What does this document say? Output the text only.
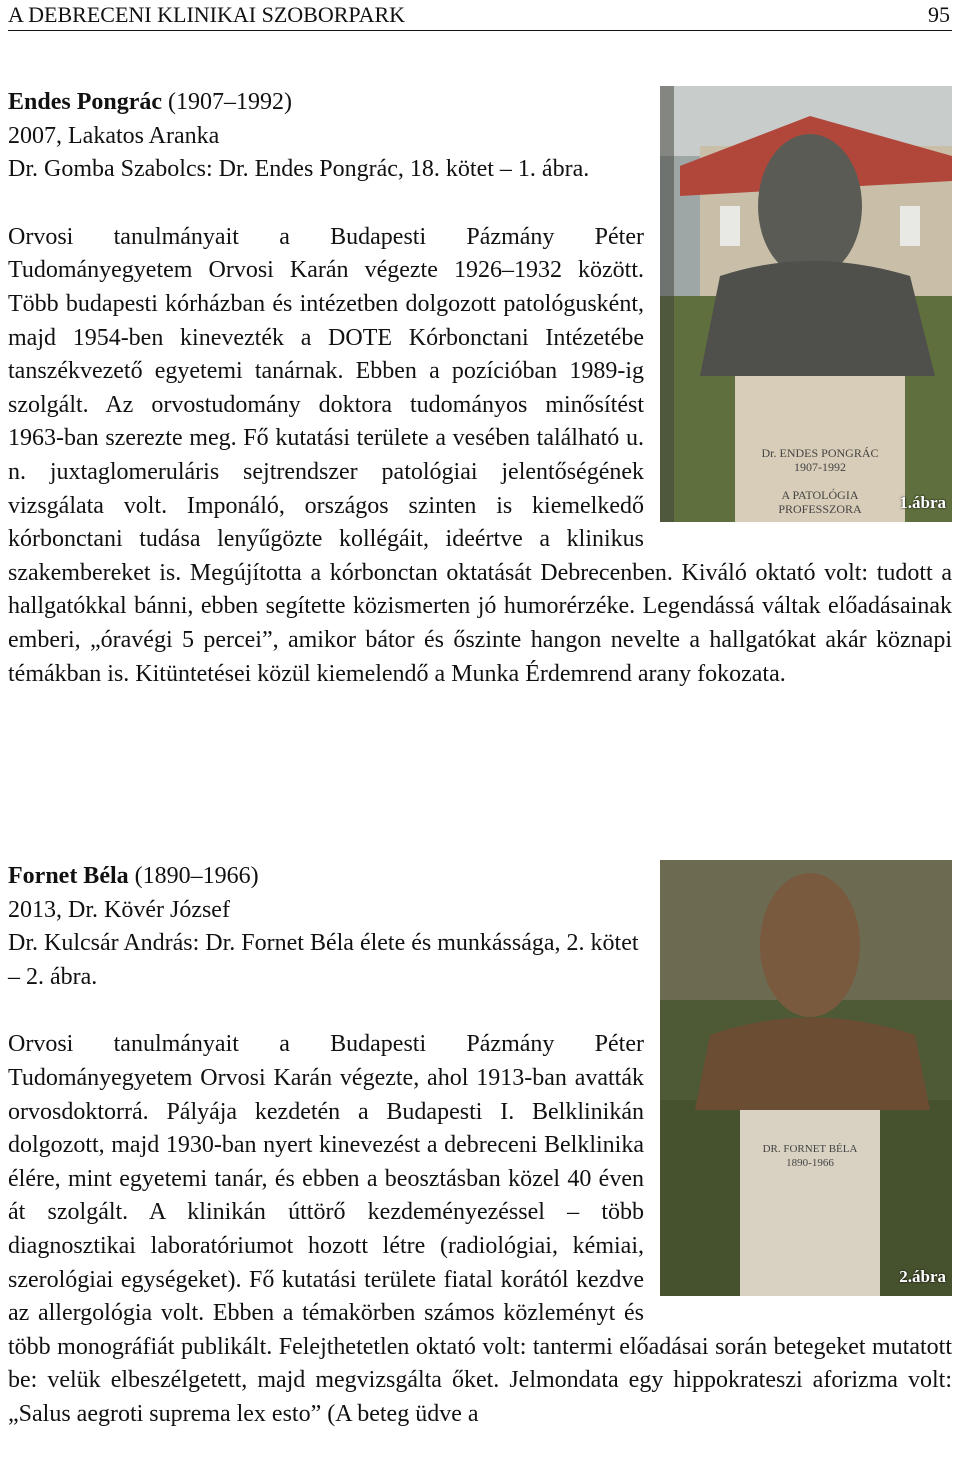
A DEBRECENI KLINIKAI SZOBORPARK	95
Dr. ENDES PONGRÁC
1907-1992
A PATOLÓGIA PROFESSZORA	1.ábra

Endes Pongrác (1907–1992)

2007, Lakatos Aranka

Dr. Gomba Szabolcs: Dr. Endes Pongrác, 18. kötet – 1. ábra.

Orvosi tanulmányait a Budapesti Pázmány Péter Tudományegyetem Orvosi Karán végezte 1926–1932 között. Több budapesti kórházban és intézetben dolgozott patológusként, majd 1954-ben kinevezték a DOTE Kórbonctani Intézetébe tanszékvezető egyetemi tanárnak. Ebben a pozícióban 1989-ig szolgált. Az orvostudomány doktora tudományos minősítést 1963-ban szerezte meg. Fő kutatási területe a vesében található u. n. juxtaglomeruláris sejtrendszer patológiai jelentőségének vizsgálata volt. Imponáló, országos szinten is kiemelkedő kórbonctani tudása lenyűgözte kollégáit, ideértve a klinikus szakembereket is. Megújította a kórbonctan oktatását Debrecenben. Kiváló oktató volt: tudott a hallgatókkal bánni, ebben segítette közismerten jó humorérzéke. Legendássá váltak előadásainak emberi, „óravégi 5 percei”, amikor bátor és őszinte hangon nevelte a hallgatókat akár köznapi témákban is. Kitüntetései közül kiemelendő a Munka Érdemrend arany fokozata.

DR. FORNET BÉLA
1890-1966
2.ábra

Fornet Béla (1890–1966)

2013, Dr. Kövér József

Dr. Kulcsár András: Dr. Fornet Béla élete és munkássága, 2. kötet – 2. ábra.

Orvosi tanulmányait a Budapesti Pázmány Péter Tudományegyetem Orvosi Karán végezte, ahol 1913-ban avatták orvosdoktorrá. Pályája kezdetén a Budapesti I. Belklinikán dolgozott, majd 1930-ban nyert kinevezést a debreceni Belklinika élére, mint egyetemi tanár, és ebben a beosztásban közel 40 éven át szolgált. A klinikán úttörő kezdeményezéssel – több diagnosztikai laboratóriumot hozott létre (radiológiai, kémiai, szerológiai egységeket). Fő kutatási területe fiatal korától kezdve az allergológia volt. Ebben a témakörben számos közleményt és több monográfiát publikált. Felejthetetlen oktató volt: tantermi előadásai során betegeket mutatott be: velük elbeszélgetett, majd megvizsgálta őket. Jelmondata egy hippokrateszi aforizma volt: „Salus aegroti suprema lex esto” (A beteg üdve a
